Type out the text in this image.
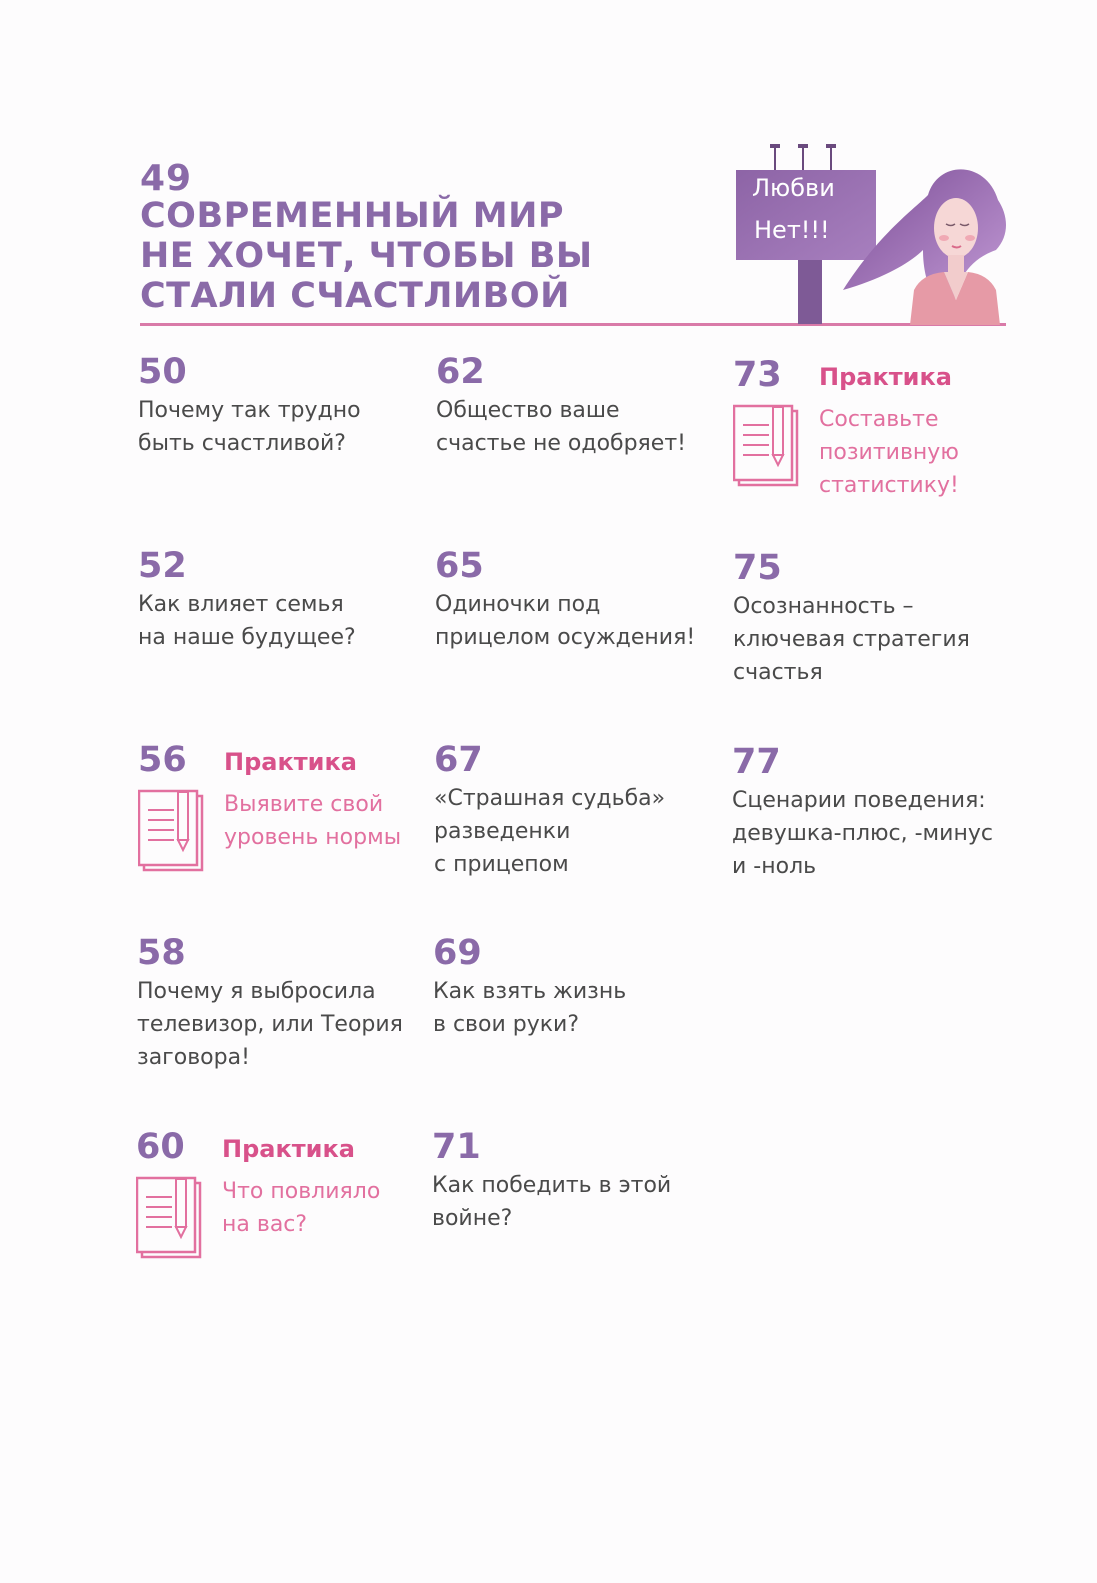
49
СОВРЕМЕННЫЙ МИР
НЕ ХОЧЕТ, ЧТОБЫ ВЫ
СТАЛИ СЧАСТЛИВОЙ
Любви
Нет!!!
50
Почему так трудно
быть счастливой?
52
Как влияет семья
на наше будущее?
56 Практика
Выявите свой
уровень нормы
58
Почему я выбросила
телевизор, или Теория
заговора!
60 Практика
Что повлияло
на вас?
62
Общество ваше
счастье не одобряет!
65
Одиночки под
прицелом осуждения!
67
«Страшная судьба»
разведенки
с прицепом
69
Как взять жизнь
в свои руки?
71
Как победить в этой
войне?
73 Практика
Составьте
позитивную
статистику!
75
Осознанность –
ключевая стратегия
счастья
77
Сценарии поведения:
девушка-плюс, -минус
и -ноль
